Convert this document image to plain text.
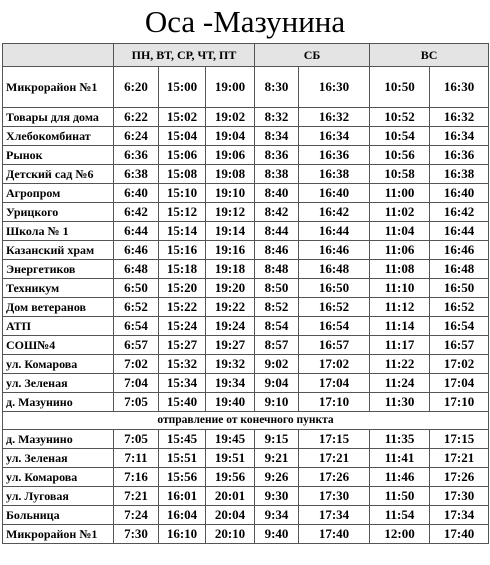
Оса -Мазунина
	ПН, ВТ, СР, ЧТ, ПТ			СБ		ВС	
Микрорайон №1	6:20	15:00	19:00	8:30	16:30	10:50	16:30
Товары для дома	6:22	15:02	19:02	8:32	16:32	10:52	16:32
Хлебокомбинат	6:24	15:04	19:04	8:34	16:34	10:54	16:34
Рынок	6:36	15:06	19:06	8:36	16:36	10:56	16:36
Детский сад №6	6:38	15:08	19:08	8:38	16:38	10:58	16:38
Агропром	6:40	15:10	19:10	8:40	16:40	11:00	16:40
Урицкого	6:42	15:12	19:12	8:42	16:42	11:02	16:42
Школа № 1	6:44	15:14	19:14	8:44	16:44	11:04	16:44
Казанский храм	6:46	15:16	19:16	8:46	16:46	11:06	16:46
Энергетиков	6:48	15:18	19:18	8:48	16:48	11:08	16:48
Техникум	6:50	15:20	19:20	8:50	16:50	11:10	16:50
Дом ветеранов	6:52	15:22	19:22	8:52	16:52	11:12	16:52
АТП	6:54	15:24	19:24	8:54	16:54	11:14	16:54
СОШ№4	6:57	15:27	19:27	8:57	16:57	11:17	16:57
ул. Комарова	7:02	15:32	19:32	9:02	17:02	11:22	17:02
ул. Зеленая	7:04	15:34	19:34	9:04	17:04	11:24	17:04
д. Мазунино	7:05	15:40	19:40	9:10	17:10	11:30	17:10
отправление от конечного пункта							
д. Мазунино	7:05	15:45	19:45	9:15	17:15	11:35	17:15
ул. Зеленая	7:11	15:51	19:51	9:21	17:21	11:41	17:21
ул. Комарова	7:16	15:56	19:56	9:26	17:26	11:46	17:26
ул. Луговая	7:21	16:01	20:01	9:30	17:30	11:50	17:30
Больница	7:24	16:04	20:04	9:34	17:34	11:54	17:34
Микрорайон №1	7:30	16:10	20:10	9:40	17:40	12:00	17:40
